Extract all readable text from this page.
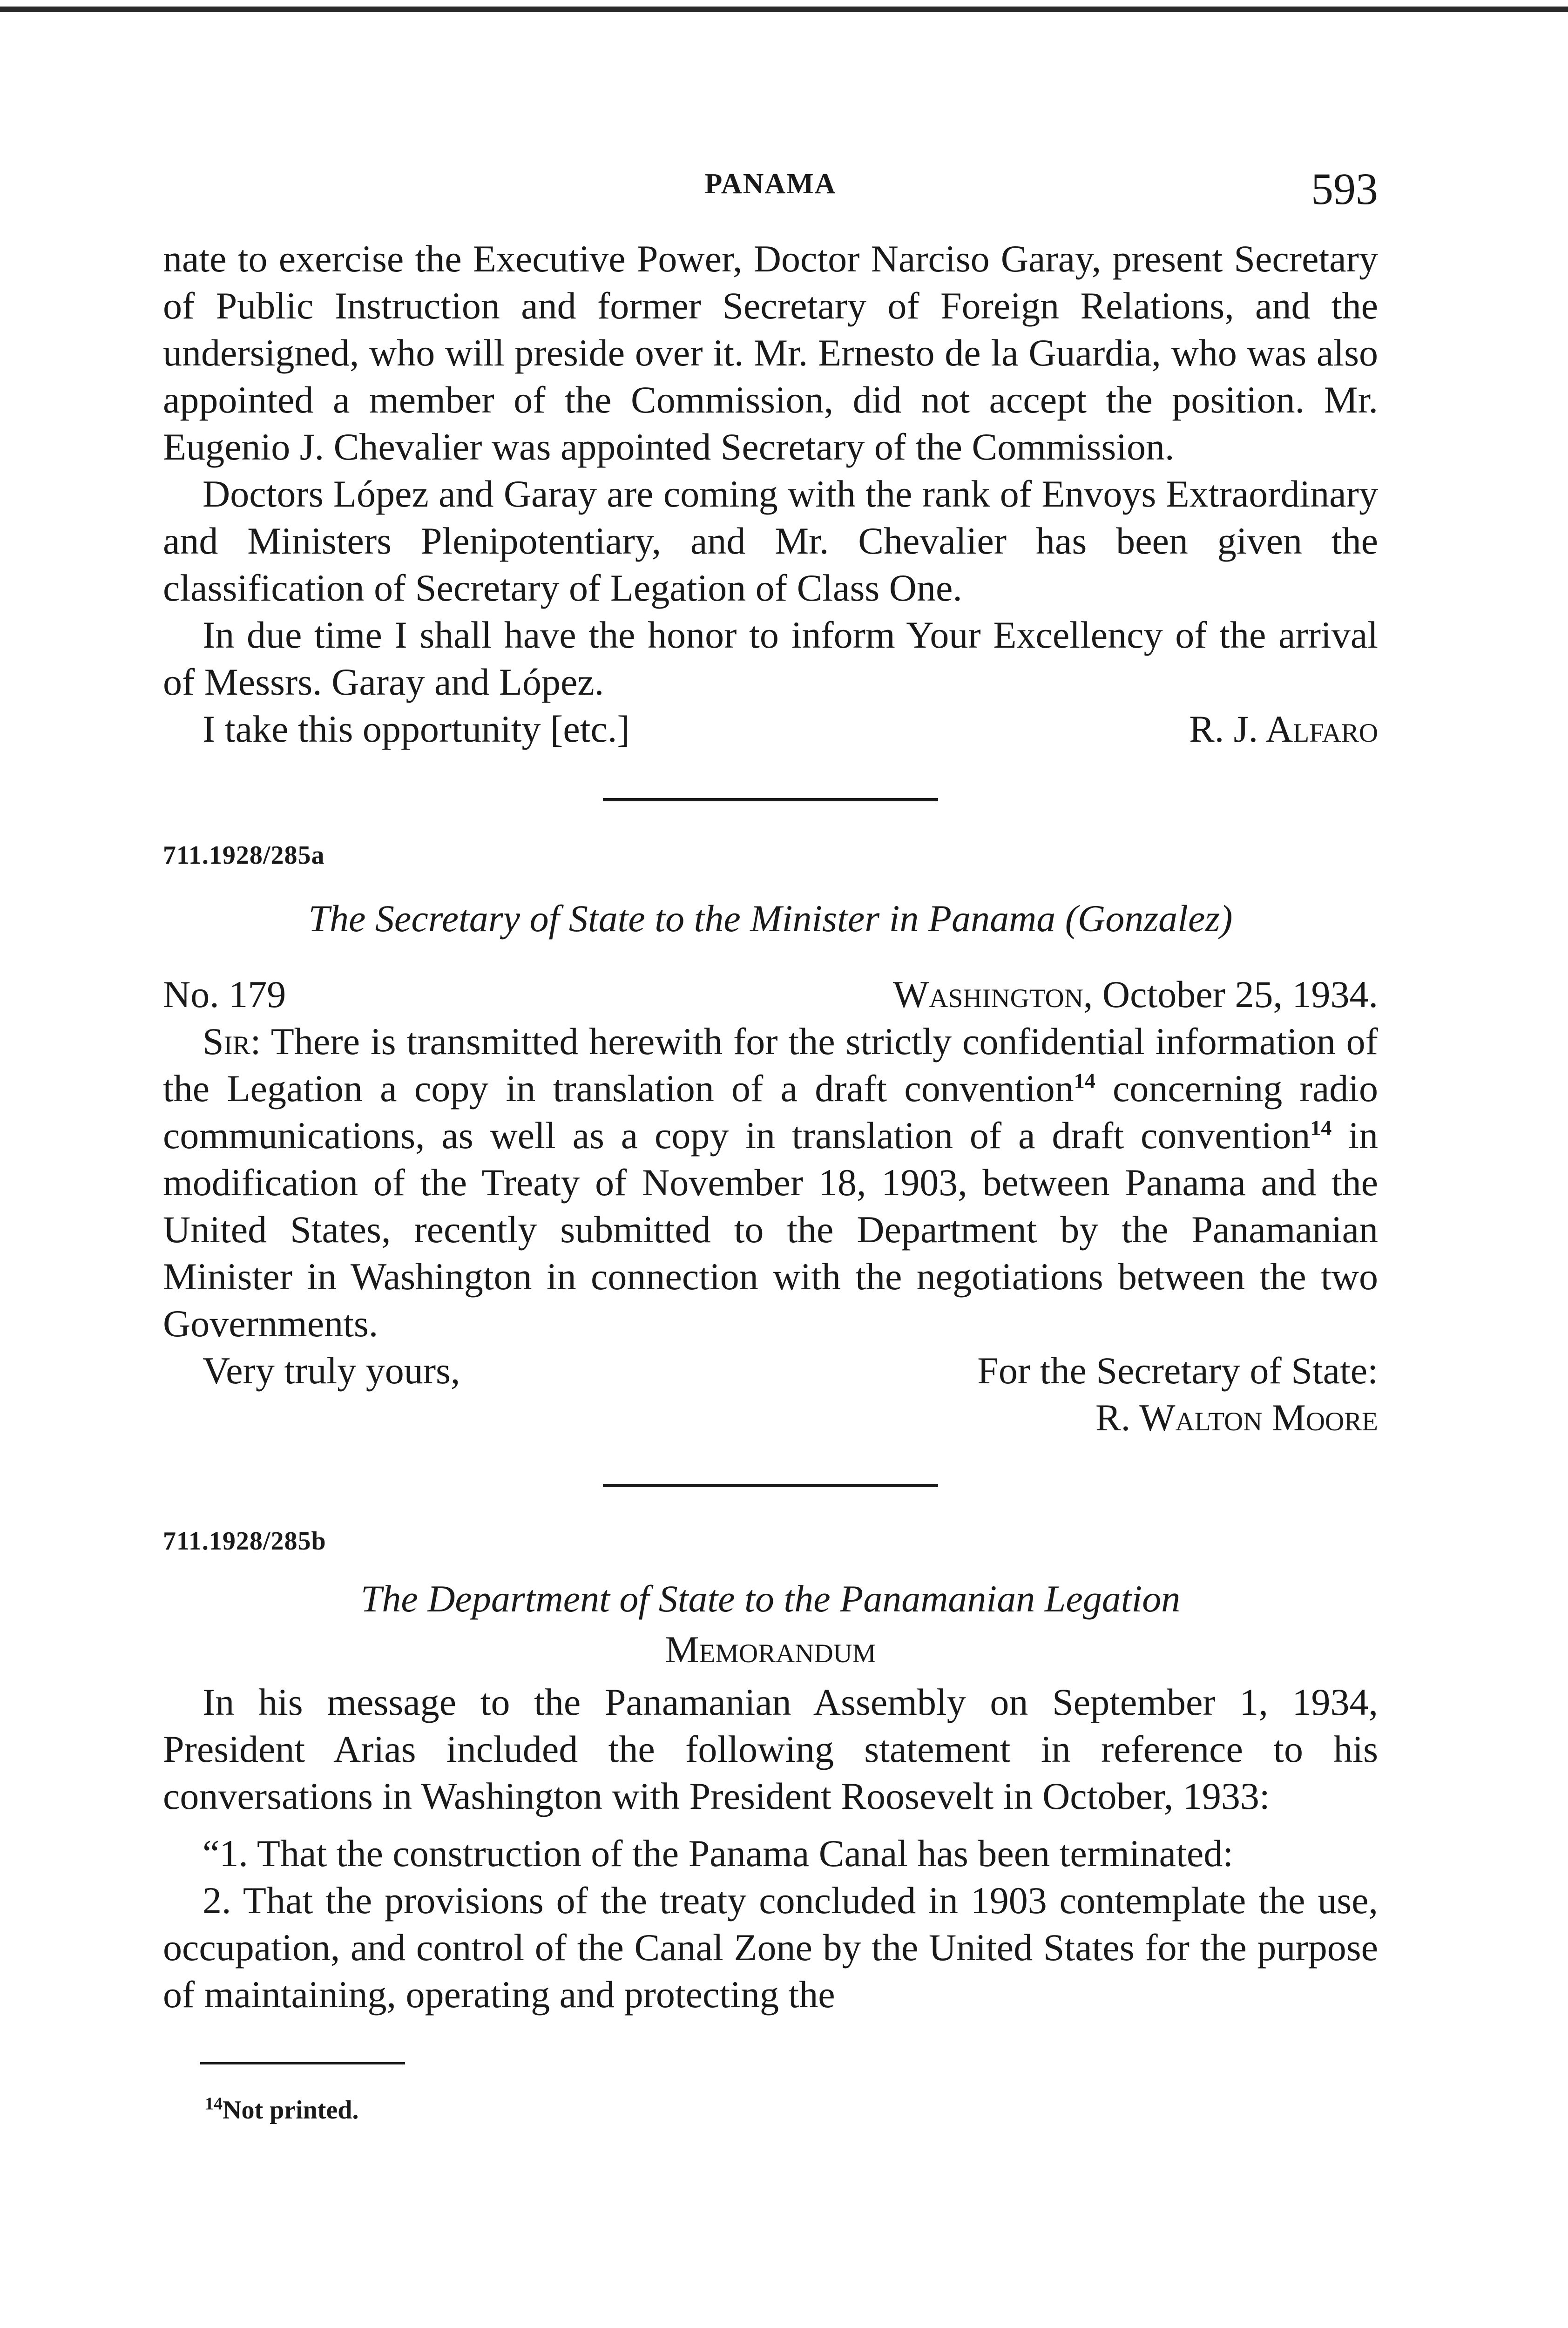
PANAMA	593

nate to exercise the Executive Power, Doctor Narciso Garay, present Secretary of Public Instruction and former Secretary of Foreign Relations, and the undersigned, who will preside over it. Mr. Ernesto de la Guardia, who was also appointed a member of the Commission, did not accept the position. Mr. Eugenio J. Chevalier was appointed Secretary of the Commission.

Doctors López and Garay are coming with the rank of Envoys Extraordinary and Ministers Plenipotentiary, and Mr. Chevalier has been given the classification of Secretary of Legation of Class One.

In due time I shall have the honor to inform Your Excellency of the arrival of Messrs. Garay and López.

I take this opportunity [etc.]	R. J. Alfaro
711.1928/285a
The Secretary of State to the Minister in Panama (Gonzalez)
No. 179	Washington, October 25, 1934.

Sir: There is transmitted herewith for the strictly confidential information of the Legation a copy in translation of a draft convention$^{14}$ concerning radio communications, as well as a copy in translation of a draft convention$^{14}$ in modification of the Treaty of November 18, 1903, between Panama and the United States, recently submitted to the Department by the Panamanian Minister in Washington in connection with the negotiations between the two Governments.

Very truly yours,	For the Secretary of State:
R. Walton Moore
711.1928/285b
The Department of State to the Panamanian Legation
Memorandum

In his message to the Panamanian Assembly on September 1, 1934, President Arias included the following statement in reference to his conversations in Washington with President Roosevelt in October, 1933:

“1. That the construction of the Panama Canal has been terminated:

2. That the provisions of the treaty concluded in 1903 contemplate the use, occupation, and control of the Canal Zone by the United States for the purpose of maintaining, operating and protecting the

$^{14}$Not printed.
